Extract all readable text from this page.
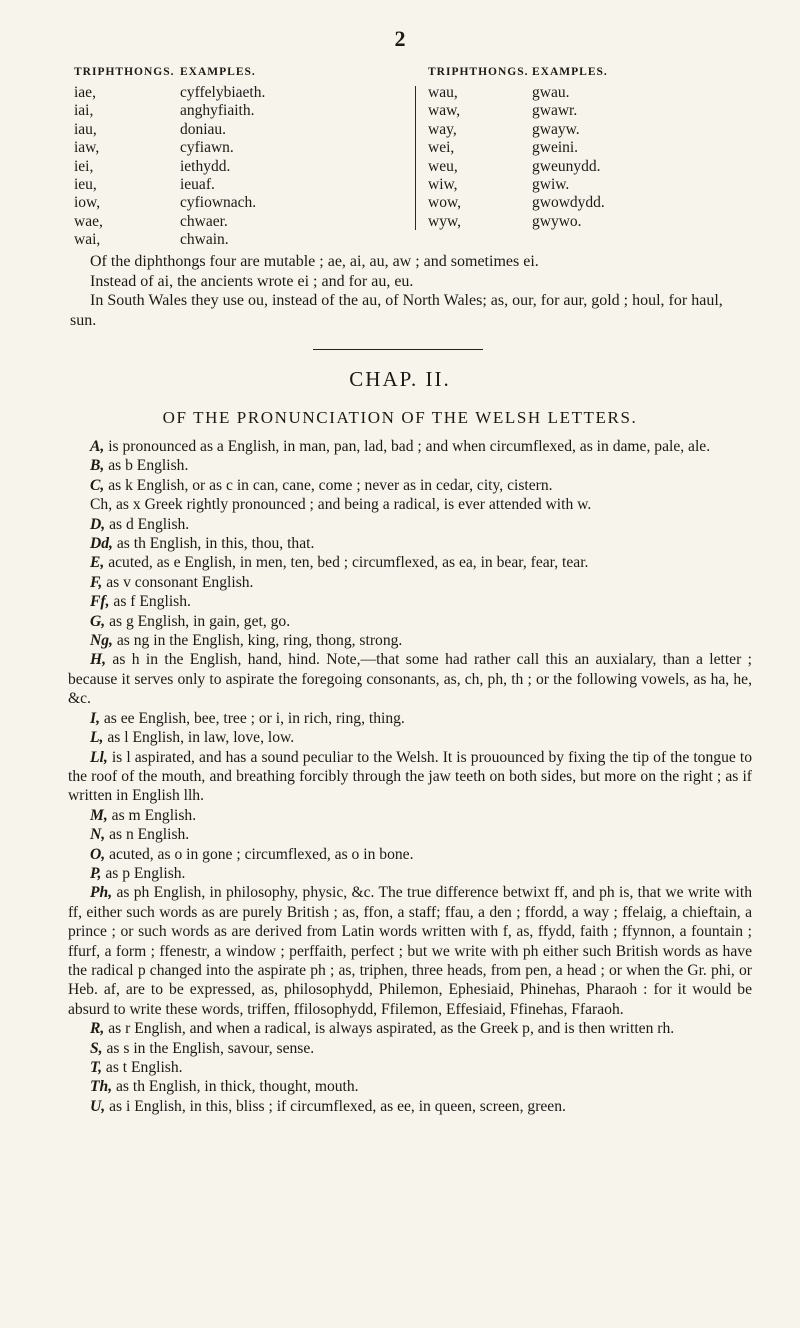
2
TRIPHTHONGS. EXAMPLES.
iae,	cyffelybiaeth.
iai,	anghyfiaith.
iau,	doniau.
iaw,	cyfiawn.
iei,	iethydd.
ieu,	ieuaf.
iow,	cyfiownach.
wae,	chwaer.
wai,	chwain.
TRIPHTHONGS. EXAMPLES.
wau,	gwau.
waw,	gwawr.
way,	gwayw.
wei,	gweini.
weu,	gweunydd.
wiw,	gwiw.
wow,	gwowdydd.
wyw,	gwywo.

Of the diphthongs four are mutable ; ae, ai, au, aw ; and sometimes ei.

Instead of ai, the ancients wrote ei ; and for au, eu.

In South Wales they use ou, instead of the au, of North Wales; as, our, for aur, gold ; houl, for haul, sun.

CHAP. II.
OF THE PRONUNCIATION OF THE WELSH LETTERS.

A, is pronounced as a English, in man, pan, lad, bad ; and when circumflexed, as in dame, pale, ale.

B, as b English.

C, as k English, or as c in can, cane, come ; never as in cedar, city, cistern.

Ch, as x Greek rightly pronounced ; and being a radical, is ever attended with w.

D, as d English.

Dd, as th English, in this, thou, that.

E, acuted, as e English, in men, ten, bed ; circumflexed, as ea, in bear, fear, tear.

F, as v consonant English.

Ff, as f English.

G, as g English, in gain, get, go.

Ng, as ng in the English, king, ring, thong, strong.

H, as h in the English, hand, hind. Note,—that some had rather call this an auxialary, than a letter ; because it serves only to aspirate the foregoing consonants, as, ch, ph, th ; or the following vowels, as ha, he, &c.

I, as ee English, bee, tree ; or i, in rich, ring, thing.

L, as l English, in law, love, low.

Ll, is l aspirated, and has a sound peculiar to the Welsh. It is prouounced by fixing the tip of the tongue to the roof of the mouth, and breathing forcibly through the jaw teeth on both sides, but more on the right ; as if written in English llh.

M, as m English.

N, as n English.

O, acuted, as o in gone ; circumflexed, as o in bone.

P, as p English.

Ph, as ph English, in philosophy, physic, &c. The true difference betwixt ff, and ph is, that we write with ff, either such words as are purely British ; as, ffon, a staff; ffau, a den ; ffordd, a way ; ffelaig, a chieftain, a prince ; or such words as are derived from Latin words written with f, as, ffydd, faith ; ffynnon, a fountain ; ffurf, a form ; ffenestr, a window ; perffaith, perfect ; but we write with ph either such British words as have the radical p changed into the aspirate ph ; as, triphen, three heads, from pen, a head ; or when the Gr. phi, or Heb. af, are to be expressed, as, philosophydd, Philemon, Ephesiaid, Phinehas, Pharaoh : for it would be absurd to write these words, triffen, ffilosophydd, Ffilemon, Effesiaid, Ffinehas, Ffaraoh.

R, as r English, and when a radical, is always aspirated, as the Greek p, and is then written rh.

S, as s in the English, savour, sense.

T, as t English.

Th, as th English, in thick, thought, mouth.

U, as i English, in this, bliss ; if circumflexed, as ee, in queen, screen, green.
